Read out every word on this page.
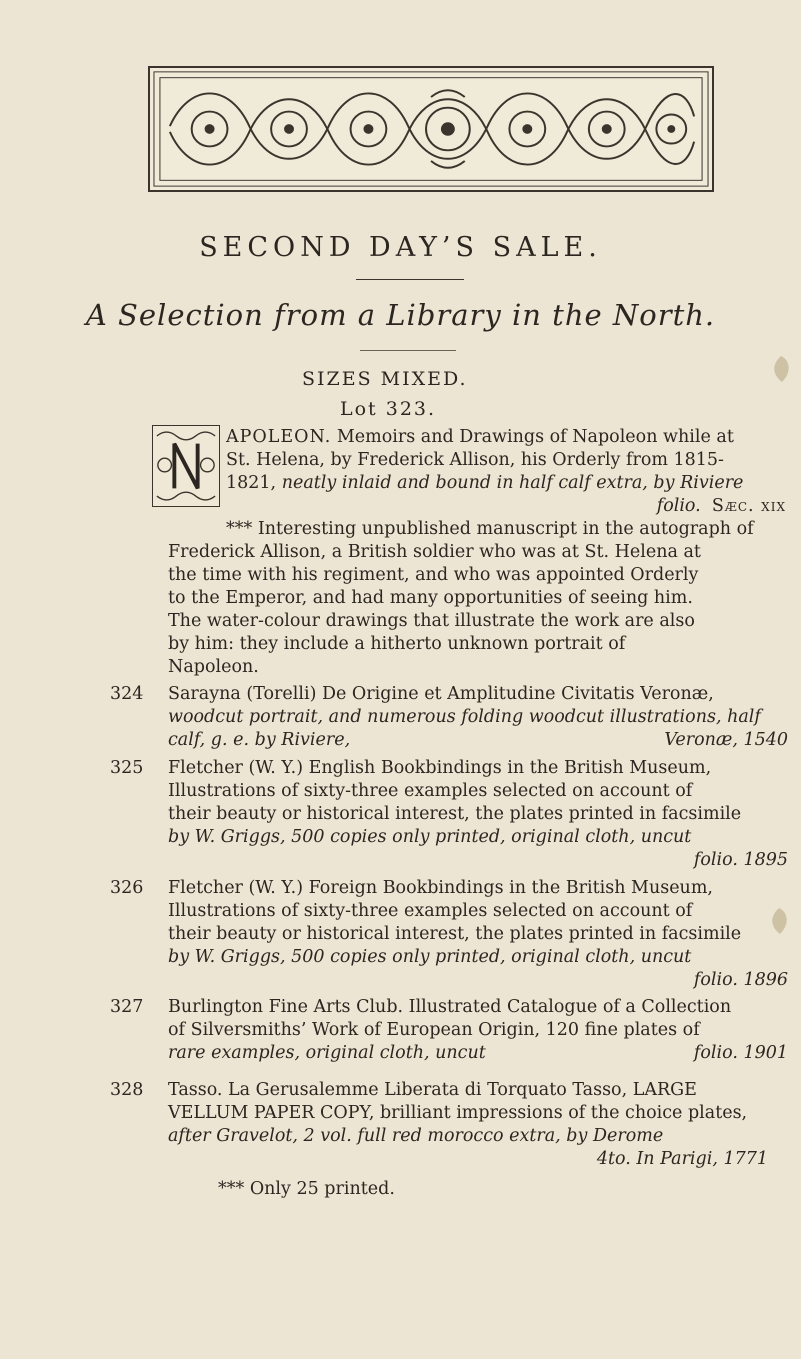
SECOND DAY’S SALE.
A Selection from a Library in the North.
SIZES MIXED.
Lot 323.
APOLEON. Memoirs and Drawings of Napoleon while at
St. Helena, by Frederick Allison, his Orderly from 1815-
1821, neatly inlaid and bound in half calf extra, by Riviere
folio. Sæc. xix
*** Interesting unpublished manuscript in the autograph of
Frederick Allison, a British soldier who was at St. Helena at
the time with his regiment, and who was appointed Orderly
to the Emperor, and had many opportunities of seeing him.
The water-colour drawings that illustrate the work are also
by him: they include a hitherto unknown portrait of
Napoleon.
324 Sarayna (Torelli) De Origine et Amplitudine Civitatis Veronæ,
woodcut portrait, and numerous folding woodcut illustrations, half
calf, g. e. by Riviere,	Veronæ, 1540
325 Fletcher (W. Y.) English Bookbindings in the British Museum,
Illustrations of sixty-three examples selected on account of
their beauty or historical interest, the plates printed in facsimile
by W. Griggs, 500 copies only printed, original cloth, uncut
folio. 1895
326 Fletcher (W. Y.) Foreign Bookbindings in the British Museum,
Illustrations of sixty-three examples selected on account of
their beauty or historical interest, the plates printed in facsimile
by W. Griggs, 500 copies only printed, original cloth, uncut
folio. 1896
327 Burlington Fine Arts Club. Illustrated Catalogue of a Collection
of Silversmiths’ Work of European Origin, 120 fine plates of
rare examples, original cloth, uncut	folio. 1901
328 Tasso. La Gerusalemme Liberata di Torquato Tasso, LARGE
VELLUM PAPER COPY, brilliant impressions of the choice plates,
after Gravelot, 2 vol. full red morocco extra, by Derome
4to. In Parigi, 1771
*** Only 25 printed.
